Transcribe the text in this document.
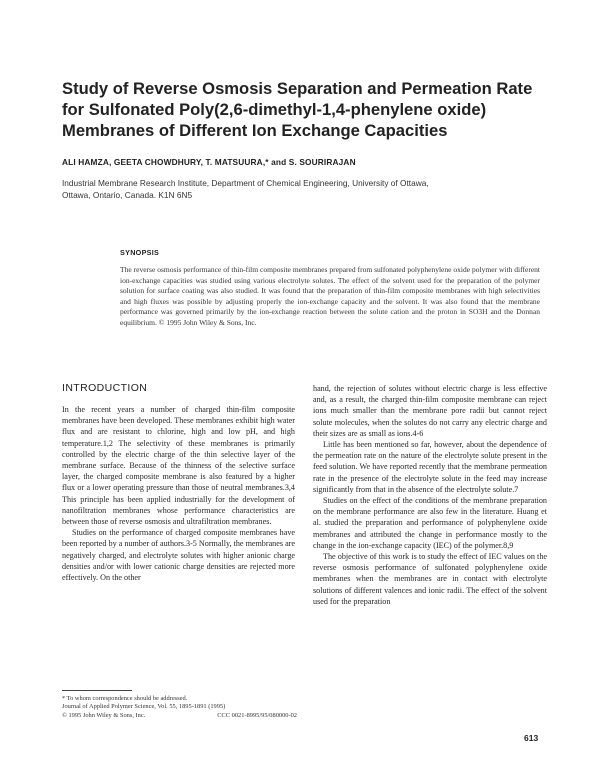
Study of Reverse Osmosis Separation and Permeation Rate
for Sulfonated Poly(2,6-dimethyl-1,4-phenylene oxide)
Membranes of Different Ion Exchange Capacities
ALI HAMZA, GEETA CHOWDHURY, T. MATSUURA,* and S. SOURIRAJAN
Industrial Membrane Research Institute, Department of Chemical Engineering, University of Ottawa,
Ottawa, Ontario, Canada. K1N 6N5
SYNOPSIS
The reverse osmosis performance of thin-film composite membranes prepared from sulfonated polyphenylene oxide polymer with different ion-exchange capacities was studied using various electrolyte solutes. The effect of the solvent used for the preparation of the polymer solution for surface coating was also studied. It was found that the preparation of thin-film composite membranes with high selectivities and high fluxes was possible by adjusting properly the ion-exchange capacity and the solvent. It was also found that the membrane performance was governed primarily by the ion-exchange reaction between the solute cation and the proton in SO3H and the Donnan equilibrium. © 1995 John Wiley & Sons, Inc.
INTRODUCTION

In the recent years a number of charged thin-film composite membranes have been developed. These membranes exhibit high water flux and are resistant to chlorine, high and low pH, and high temperature.1,2 The selectivity of these membranes is primarily controlled by the electric charge of the thin selective layer of the membrane surface. Because of the thinness of the selective surface layer, the charged composite membrane is also featured by a higher flux or a lower operating pressure than those of neutral membranes.3,4 This principle has been applied industrially for the development of nanofiltration membranes whose performance characteristics are between those of reverse osmosis and ultrafiltration membranes.

Studies on the performance of charged composite membranes have been reported by a number of authors.3-5 Normally, the membranes are negatively charged, and electrolyte solutes with higher anionic charge densities and/or with lower cationic charge densities are rejected more effectively. On the other

hand, the rejection of solutes without electric charge is less effective and, as a result, the charged thin-film composite membrane can reject ions much smaller than the membrane pore radii but cannot reject solute molecules, when the solutes do not carry any electric charge and their sizes are as small as ions.4-6

Little has been mentioned so far, however, about the dependence of the permeation rate on the nature of the electrolyte solute present in the feed solution. We have reported recently that the membrane permeation rate in the presence of the electrolyte solute in the feed may increase significantly from that in the absence of the electrolyte solute.7

Studies on the effect of the conditions of the membrane preparation on the membrane performance are also few in the literature. Huang et al. studied the preparation and performance of polyphenylene oxide membranes and attributed the change in performance mostly to the change in the ion-exchange capacity (IEC) of the polymer.8,9

The objective of this work is to study the effect of IEC values on the reverse osmosis performance of sulfonated polyphenylene oxide membranes when the membranes are in contact with electrolyte solutions of different valences and ionic radii. The effect of the solvent used for the preparation

* To whom correspondence should be addressed.
Journal of Applied Polymer Science, Vol. 55, 1895-1891 (1995)
© 1995 John Wiley & Sons, Inc.	CCC 0021-8995/95/080000-02
613
